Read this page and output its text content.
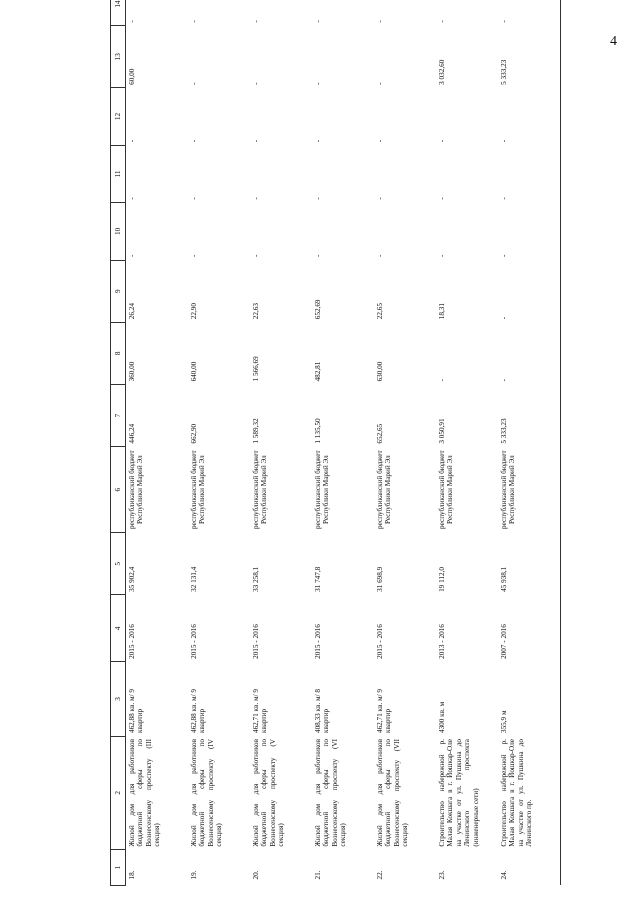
4
1	2	3	4	5	6	7	8	9	10	11	12	13	14
18.	Жилой дом для работников бюджетной сферы по Вознесенскому проспекту (III секция)	462,88 кв. м/ 9 квартир	2015 - 2016	35 902,4	республиканский бюджет Республики Марий Эл	446,24	360,00	26,24	-	-	-	60,00	-
19.	Жилой дом для работников бюджетной сферы по Вознесенскому проспекту (IV секция)	462,88 кв. м/ 9 квартир	2015 - 2016	32 131,4	республиканский бюджет Республики Марий Эл	662,90	640,00	22,90	-	-	-	-	-
20.	Жилой дом для работников бюджетной сферы по Вознесенскому проспекту (V секция)	462,71 кв. м/ 9 квартир	2015 - 2016	33 258,1	республиканский бюджет Республики Марий Эл	1 589,32	1 566,69	22,63	-	-	-	-	-
21.	Жилой дом для работников бюджетной сферы по Вознесенскому проспекту (VI секция)	408,33 кв. м/ 8 квартир	2015 - 2016	31 747,8	республиканский бюджет Республики Марий Эл	1 135,50	482,81	652,69	-	-	-	-	-
22.	Жилой дом для работников бюджетной сферы по Вознесенскому проспекту (VII секция)	462,71 кв. м/ 9 квартир	2015 - 2016	31 698,9	республиканский бюджет Республики Марий Эл	652,65	630,00	22,65	-	-	-	-	-
23.	Строительство набережной р. Малая Кокшага в г. Йошкар-Оле на участке от ул. Пушкина до Ленинского проспекта (инженерные сети)	4300 кв. м	2013 - 2016	19 112,0	республиканский бюджет Республики Марий Эл	3 050,91	-	18,31	-	-	-	3 032,60	-
24.	Строительство набережной р. Малая Кокшага в г. Йошкар-Оле на участке от ул. Пушкина до Ленинского пр.	355,9 м	2007 - 2016	45 938,1	республиканский бюджет Республики Марий Эл	5 333,23	-	-	-	-	-	5 333,23	-
